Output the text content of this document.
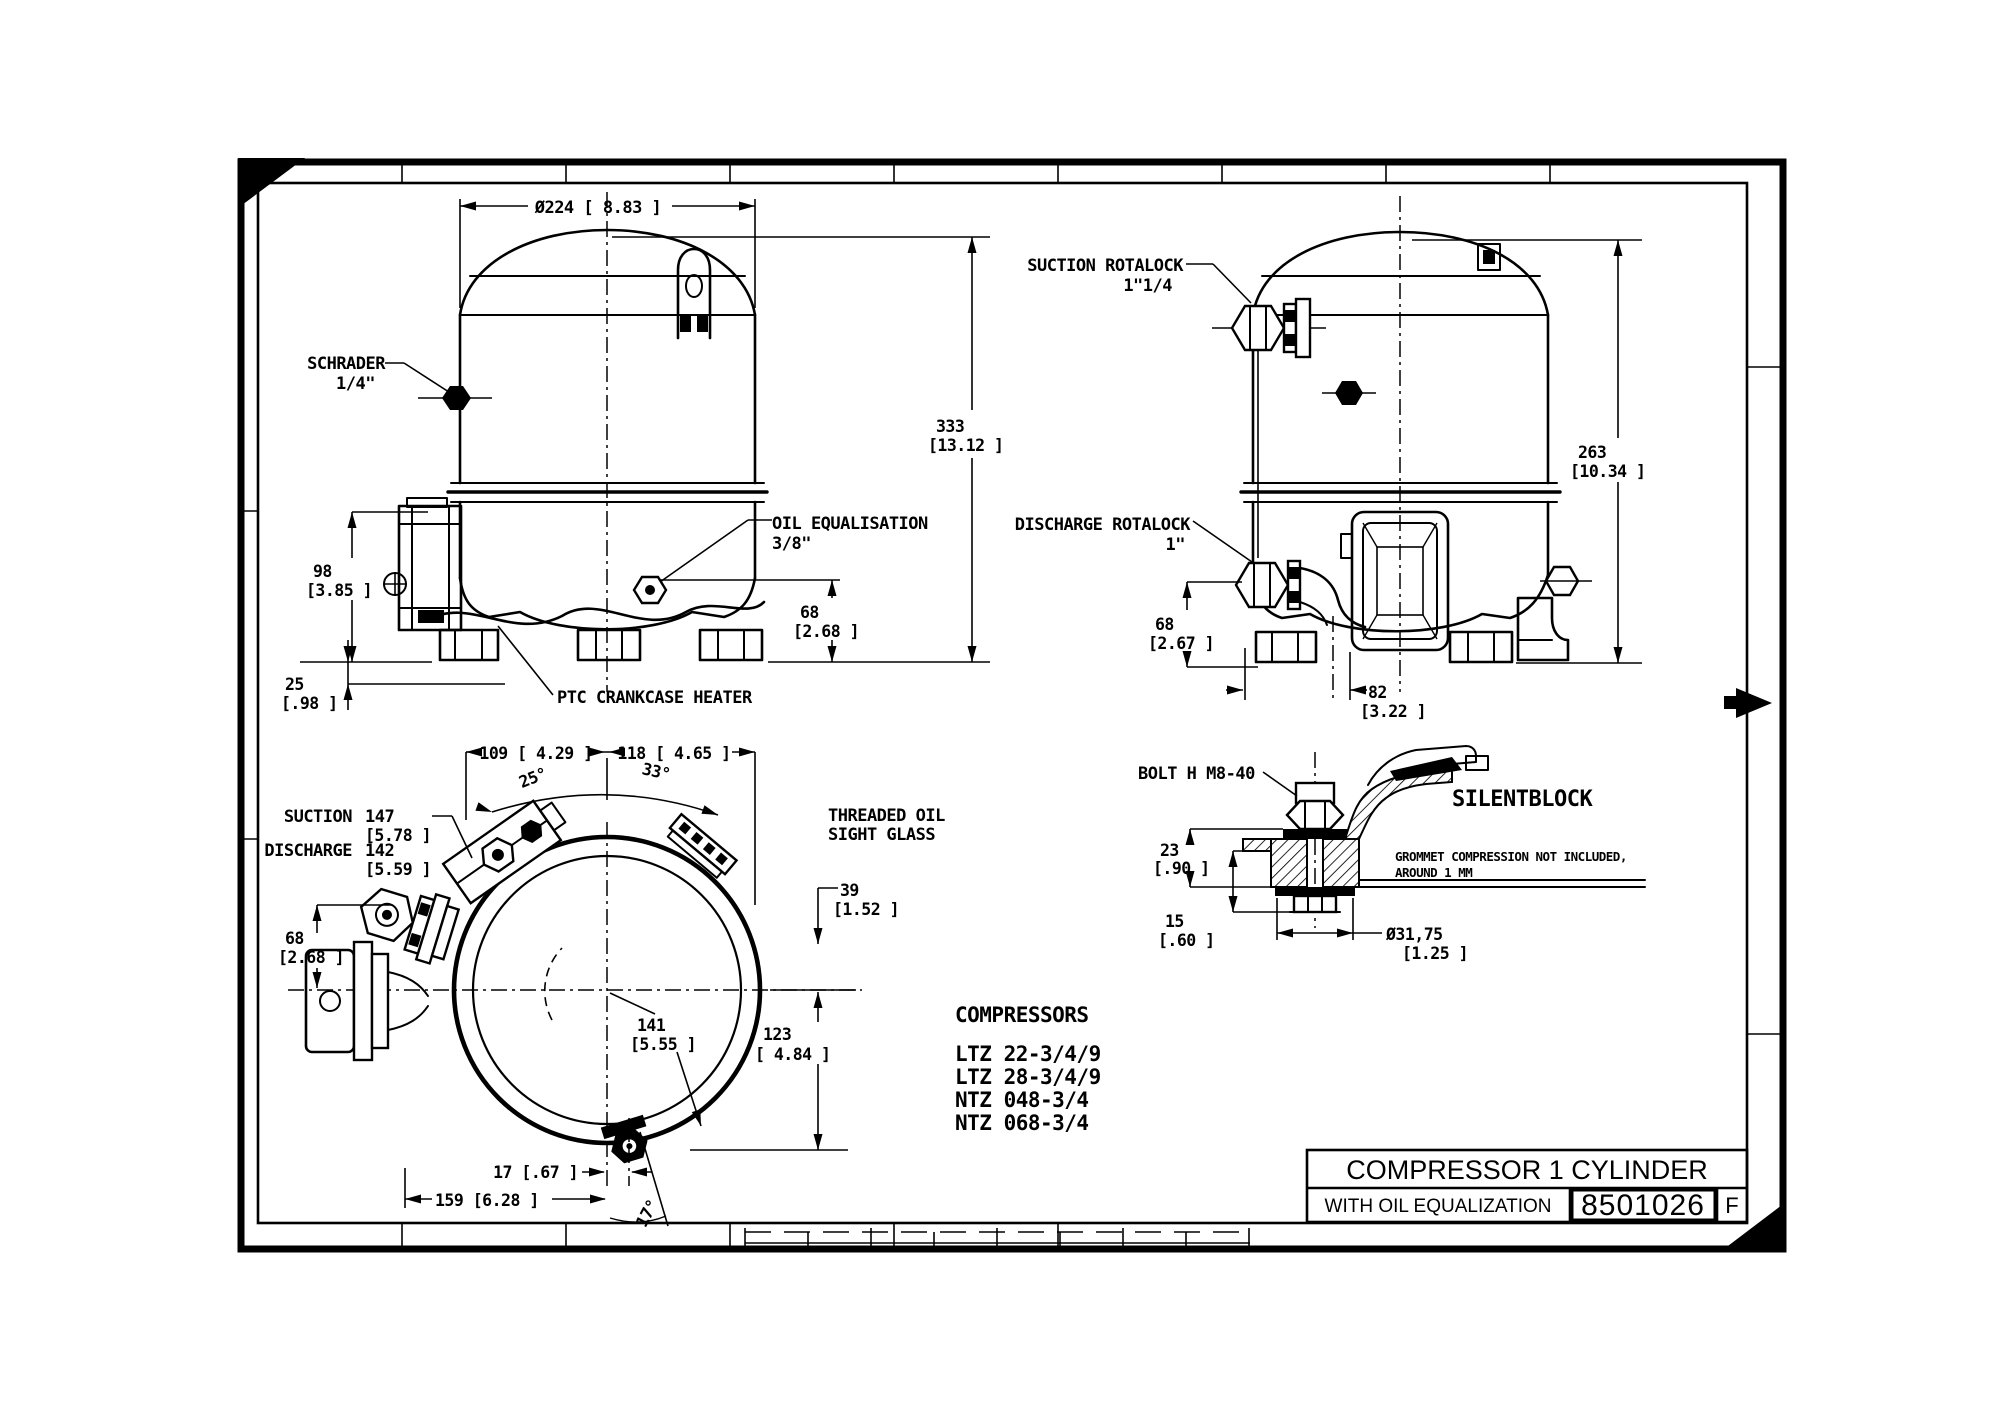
Ø224 [ 8.83 ]
SCHRADER
1/4"
333
[13.12 ]
OIL EQUALISATION
3/8"
68
[2.68 ]
98
[3.85 ]
25
[.98 ]	PTC CRANKCASE HEATER
SUCTION ROTALOCK
1"1/4
DISCHARGE ROTALOCK
1"
263
[10.34 ]
68
[2.67 ]
82
[3.22 ]
109 [ 4.29 ] 118 [ 4.65 ]
25°	33°
SUCTION 147
[5.78 ]
DISCHARGE 142
[5.59 ]
THREADED OIL
SIGHT GLASS
39
[1.52 ]
68
[2.68 ]
141
[5.55 ]
123
[ 4.84 ]
17 [.67 ]
159 [6.28 ]	17°
BOLT H M8-40
SILENTBLOCK
GROMMET COMPRESSION NOT INCLUDED,
AROUND 1 MM
23
[.90 ]
15
[.60 ]	Ø31,75
[1.25 ]
COMPRESSORS
LTZ 22-3/4/9
LTZ 28-3/4/9
NTZ 048-3/4
NTZ 068-3/4
COMPRESSOR 1 CYLINDER
WITH OIL EQUALIZATION 8501026 F
